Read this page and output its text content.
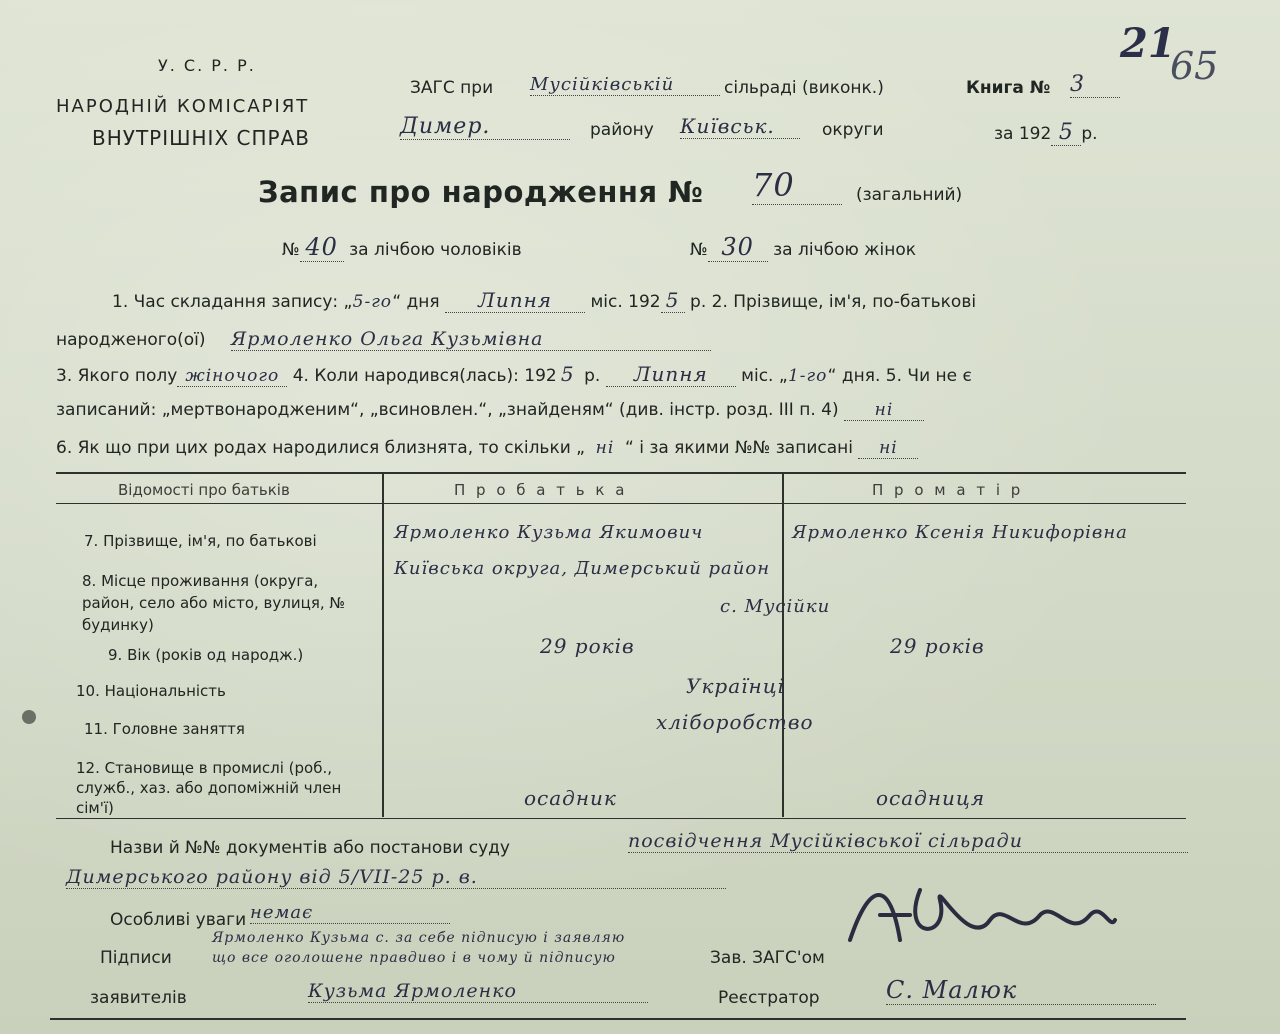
У. С. Р. Р.
НАРОДНІЙ КОМІСАРІЯТ
ВНУТРІШНІХ СПРАВ
ЗАГС при Мусійківській	сільраді (виконк.)	Книга № 3
21
65
Димер.	району Київськ.	округи	за 192 5 р.
Запис про народження № 70	(загальний)
№ 40 за лічбою чоловіків	№ 30 за лічбою жінок
1. Час складання запису: „5-го“ дня Липня міс. 192 5 р. 2. Прізвище, ім'я, по-батькові
народженого(ої) Ярмоленко Ольга Кузьмівна
3. Якого полу жіночого 4. Коли народився(лась): 192 5 р. Липня міс. „1-го“ дня. 5. Чи не є
записаний: „мертвонародженим“, „всиновлен.“, „знайденям“ (див. інстр. розд. III п. 4) ні
6. Як що при цих родах народилися близнята, то скільки „ ні “ і за якими №№ записані ні
Відомості про батьків	П р о б а т ь к а	П р о м а т і р
7. Прізвище, ім'я, по батькові	Ярмоленко Кузьма Якимович	Ярмоленко Ксенія Никифорівна
8. Місце проживання (округа, район, село або місто, вулиця, № будинку)
Київська округа, Димерський район
с. Мусійки
9. Вік (років од народж.)	29 років	29 років
10. Національність	Українці
11. Головне заняття	хліборобство
12. Становище в промислі (роб., служб., хаз. або допоміжній член сім'ї)	осадник	осадниця
Назви й №№ документів або постанови суду	посвідчення Мусійківської сільради
Димерського району від 5/VII-25 р. в.
Особливі уваги немає
Підписи
Ярмоленко Кузьма с. за себе підписую і заявляю
що все оголошене правдиво і в чому й підписую	Зав. ЗАГС'ом
заявителів	Кузьма Ярмоленко	Реєстратор	С. Малюк
